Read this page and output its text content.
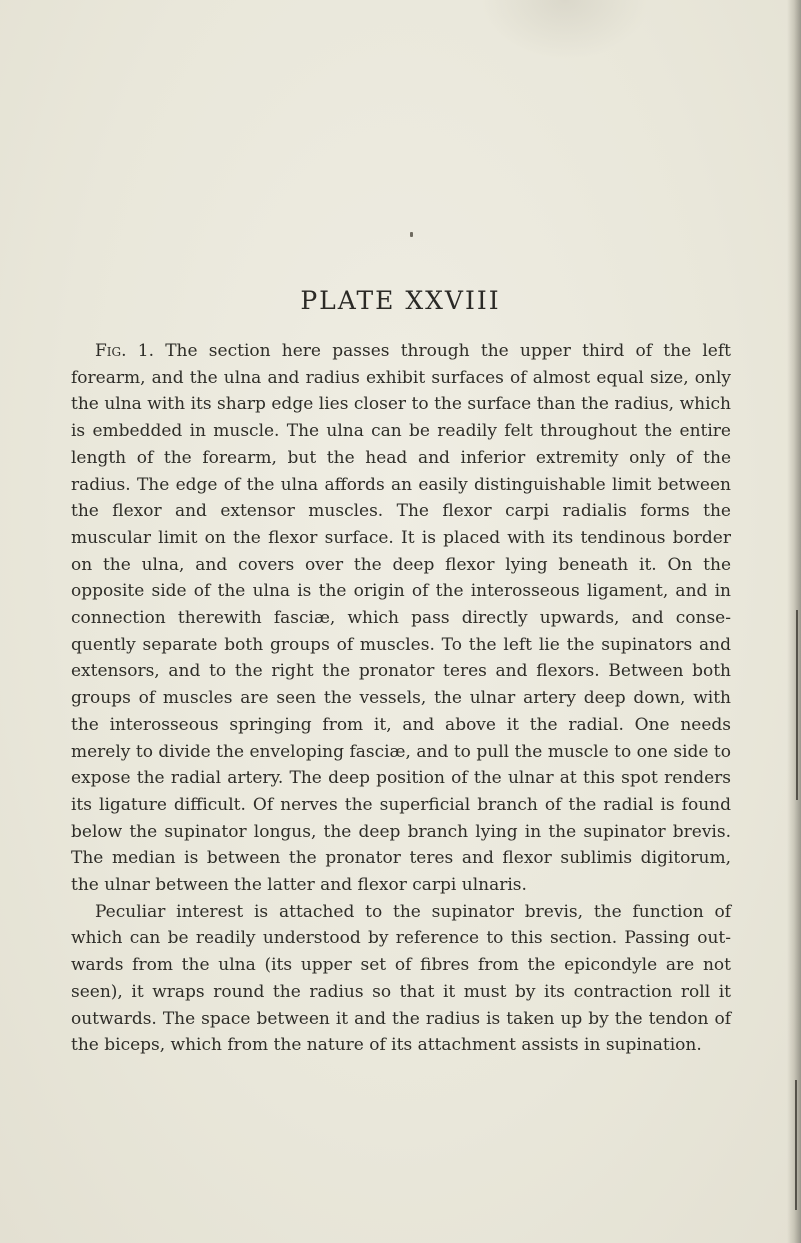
PLATE XXVIII

Fig. 1. The section here passes through the upper third of the left forearm, and the ulna and radius exhibit surfaces of almost equal size, only the ulna with its sharp edge lies closer to the surface than the radius, which is embedded in muscle. The ulna can be readily felt throughout the entire length of the forearm, but the head and inferior extremity only of the radius. The edge of the ulna affords an easily distinguishable limit between the flexor and extensor muscles. The flexor carpi radialis forms the muscular limit on the flexor surface. It is placed with its tendinous border on the ulna, and covers over the deep flexor lying beneath it. On the opposite side of the ulna is the origin of the interosseous ligament, and in connection therewith fasciæ, which pass directly upwards, and conse-quently separate both groups of muscles. To the left lie the supinators and extensors, and to the right the pronator teres and flexors. Between both groups of muscles are seen the vessels, the ulnar artery deep down, with the interosseous springing from it, and above it the radial. One needs merely to divide the enveloping fasciæ, and to pull the muscle to one side to expose the radial artery. The deep position of the ulnar at this spot renders its ligature difficult. Of nerves the superficial branch of the radial is found below the supinator longus, the deep branch lying in the supinator brevis. The median is between the pronator teres and flexor sublimis digitorum, the ulnar between the latter and flexor carpi ulnaris.

Peculiar interest is attached to the supinator brevis, the function of which can be readily understood by reference to this section. Passing out-wards from the ulna (its upper set of fibres from the epicondyle are not seen), it wraps round the radius so that it must by its contraction roll it outwards. The space between it and the radius is taken up by the tendon of the biceps, which from the nature of its attachment assists in supination.
